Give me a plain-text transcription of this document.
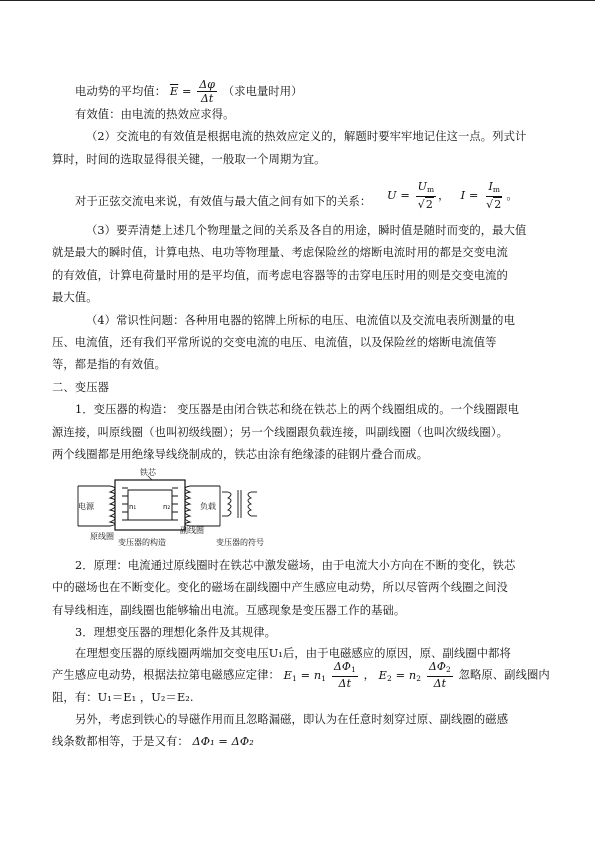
电动势的平均值： $\overline{E} = \frac{\Delta\varphi}{\Delta t}$ （求电量时用）
有效值：由电流的热效应求得。
（2）交流电的有效值是根据电流的热效应定义的，解题时要牢牢地记住这一点。列式计
算时，时间的选取显得很关键，一般取一个周期为宜。
对于正弦交流电来说，有效值与最大值之间有如下的关系： $U = \frac{U_m}{√ 2}$ ， $I = \frac{I_m}{√ 2}$ 。
（3）要弄清楚上述几个物理量之间的关系及各自的用途，瞬时值是随时而变的，最大值
就是最大的瞬时值，计算电热、电功等物理量、考虑保险丝的熔断电流时用的都是交变电流
的有效值，计算电荷量时用的是平均值，而考虑电容器等的击穿电压时用的则是交变电流的
最大值。
（4）常识性问题：各种用电器的铭牌上所标的电压、电流值以及交流电表所测量的电
压、电流值，还有我们平常所说的交变电流的电压、电流值，以及保险丝的熔断电流值等
等，都是指的有效值。
二、变压器
1．变压器的构造： 变压器是由闭合铁芯和绕在铁芯上的两个线圈组成的。一个线圈跟电
源连接，叫原线圈（也叫初级线圈）；另一个线圈跟负载连接，叫副线圈（也叫次级线圈）。
两个线圈都是用绝缘导线绕制成的，铁芯由涂有绝缘漆的硅钢片叠合而成。
电源	n₁	n₂
铁芯
负载
原线圈
副线圈
变压器的构造	变压器的符号
2．原理：电流通过原线圈时在铁芯中激发磁场，由于电流大小方向在不断的变化，铁芯
中的磁场也在不断变化。变化的磁场在副线圈中产生感应电动势，所以尽管两个线圈之间没
有导线相连，副线圈也能够输出电流。互感现象是变压器工作的基础。
3．理想变压器的理想化条件及其规律。
在理想变压器的原线圈两端加交变电压U₁后，由于电磁感应的原因，原、副线圈中都将
产生感应电动势，根据法拉第电磁感应定律： $E_1 = n_1 \frac{\Delta\Phi_1}{\Delta t}$ ， $E_2 = n_2 \frac{\Delta\Phi_2}{\Delta t}$ 忽略原、副线圈内
阻，有：U₁＝E₁ ，U₂＝E₂.
另外，考虑到铁心的导磁作用而且忽略漏磁，即认为在任意时刻穿过原、副线圈的磁感
线条数都相等，于是又有： ΔΦ₁ = ΔΦ₂
